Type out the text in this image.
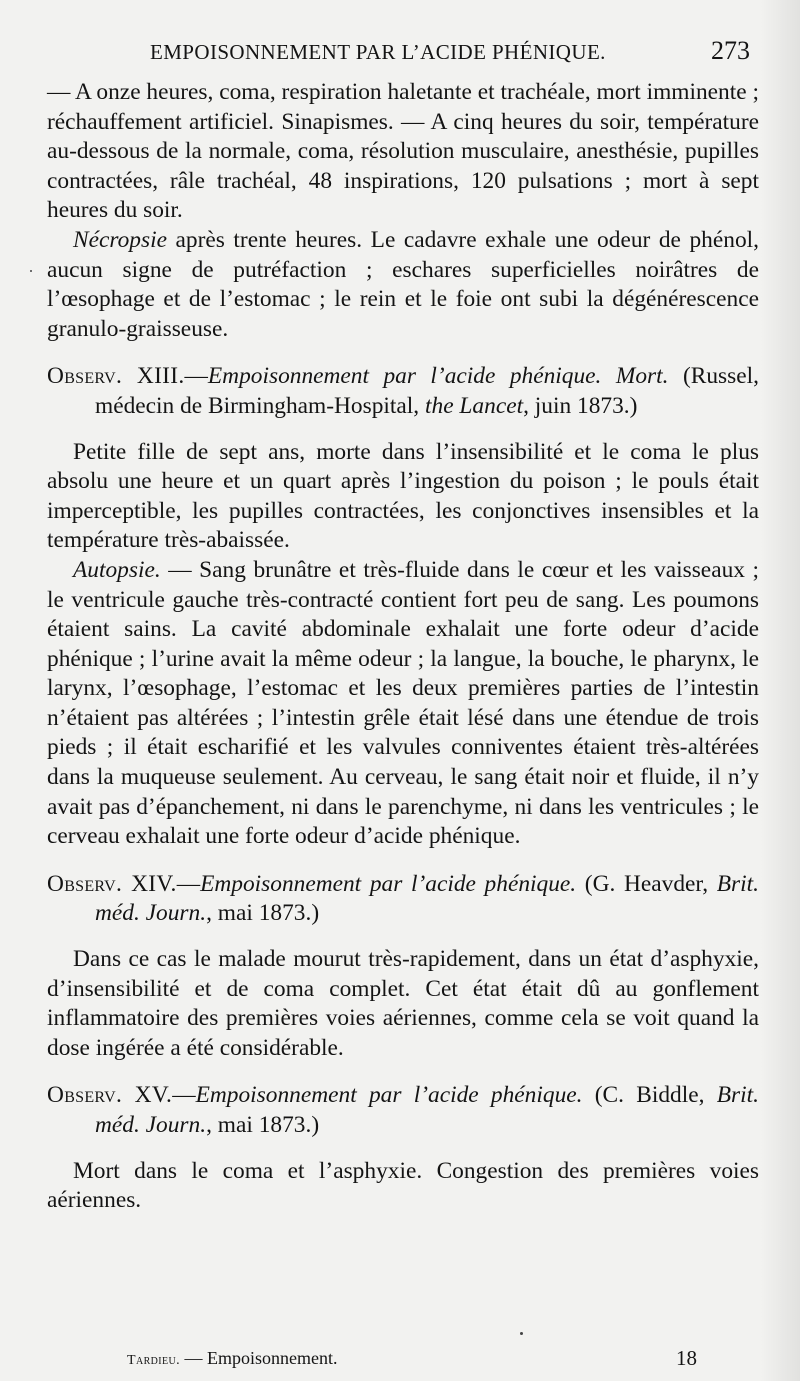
EMPOISONNEMENT PAR L’ACIDE PHÉNIQUE.	273

— A onze heures, coma, respiration haletante et trachéale, mort imminente ; réchauffement artificiel. Sinapismes. — A cinq heures du soir, température au-dessous de la normale, coma, résolution musculaire, anesthésie, pupilles contractées, râle trachéal, 48 inspirations, 120 pulsations ; mort à sept heures du soir.

Nécropsie après trente heures. Le cadavre exhale une odeur de phénol, aucun signe de putréfaction ; eschares superficielles noirâtres de l’œsophage et de l’estomac ; le rein et le foie ont subi la dégénérescence granulo-graisseuse.

Observ. XIII.—Empoisonnement par l’acide phénique. Mort. (Russel, médecin de Birmingham-Hospital, the Lancet, juin 1873.)

Petite fille de sept ans, morte dans l’insensibilité et le coma le plus absolu une heure et un quart après l’ingestion du poison ; le pouls était imperceptible, les pupilles contractées, les conjonctives insensibles et la température très-abaissée.

Autopsie. — Sang brunâtre et très-fluide dans le cœur et les vaisseaux ; le ventricule gauche très-contracté contient fort peu de sang. Les poumons étaient sains. La cavité abdominale exhalait une forte odeur d’acide phénique ; l’urine avait la même odeur ; la langue, la bouche, le pharynx, le larynx, l’œsophage, l’estomac et les deux premières parties de l’intestin n’étaient pas altérées ; l’intestin grêle était lésé dans une étendue de trois pieds ; il était escharifié et les valvules conniventes étaient très-altérées dans la muqueuse seulement. Au cerveau, le sang était noir et fluide, il n’y avait pas d’épanchement, ni dans le parenchyme, ni dans les ventricules ; le cerveau exhalait une forte odeur d’acide phénique.

Observ. XIV.—Empoisonnement par l’acide phénique. (G. Heavder, Brit. méd. Journ., mai 1873.)

Dans ce cas le malade mourut très-rapidement, dans un état d’asphyxie, d’insensibilité et de coma complet. Cet état était dû au gonflement inflammatoire des premières voies aériennes, comme cela se voit quand la dose ingérée a été considérable.

Observ. XV.—Empoisonnement par l’acide phénique. (C. Biddle, Brit. méd. Journ., mai 1873.)

Mort dans le coma et l’asphyxie. Congestion des premières voies aériennes.

Tardieu. — Empoisonnement.	18
